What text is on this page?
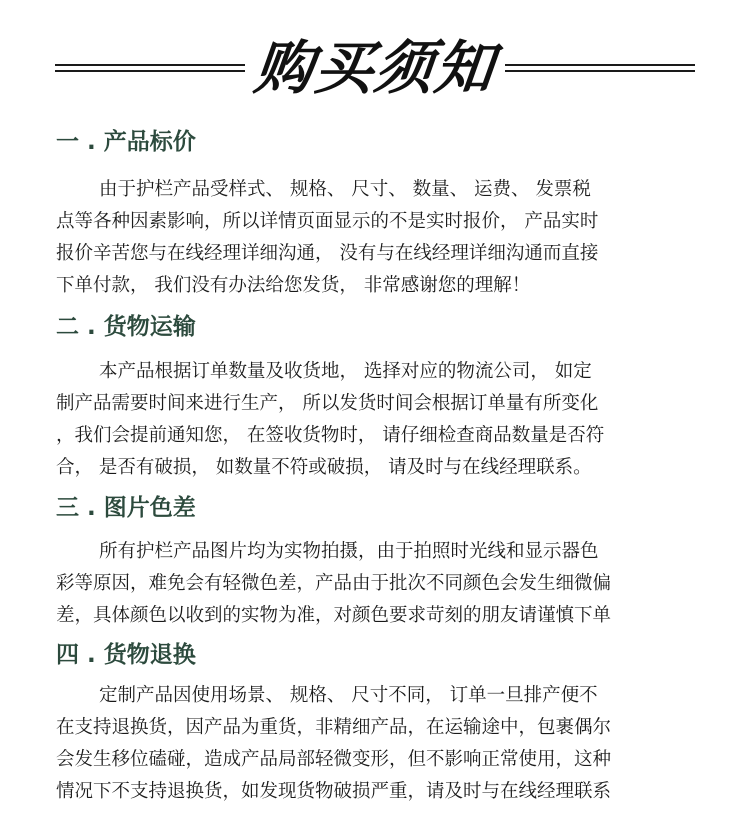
购买须知
一 . 产品标价
由于护栏产品受样式、 规格、 尺寸、 数量、 运费、 发票税
点等各种因素影响，所以详情页面显示的不是实时报价， 产品实时
报价辛苦您与在线经理详细沟通， 没有与在线经理详细沟通而直接
下单付款， 我们没有办法给您发货， 非常感谢您的理解！
二 . 货物运输
本产品根据订单数量及收货地， 选择对应的物流公司， 如定
制产品需要时间来进行生产， 所以发货时间会根据订单量有所变化
，我们会提前通知您， 在签收货物时， 请仔细检查商品数量是否符
合， 是否有破损， 如数量不符或破损， 请及时与在线经理联系。
三 . 图片色差
所有护栏产品图片均为实物拍摄，由于拍照时光线和显示器色
彩等原因，难免会有轻微色差，产品由于批次不同颜色会发生细微偏
差，具体颜色以收到的实物为准，对颜色要求苛刻的朋友请谨慎下单
四 . 货物退换
定制产品因使用场景、 规格、 尺寸不同， 订单一旦排产便不
在支持退换货，因产品为重货，非精细产品，在运输途中，包裹偶尔
会发生移位磕碰，造成产品局部轻微变形，但不影响正常使用，这种
情况下不支持退换货，如发现货物破损严重，请及时与在线经理联系
